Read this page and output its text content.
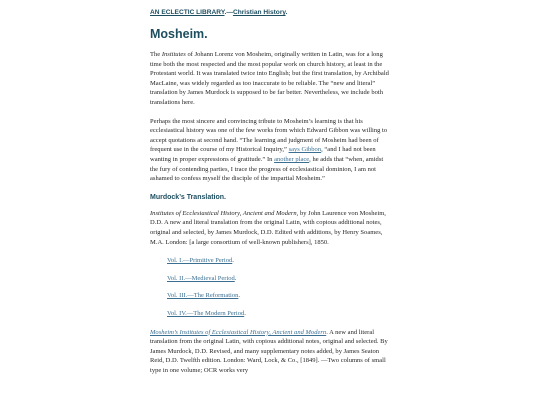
AN ECLECTIC LIBRARY.—Christian History.
Mosheim.

The Institutes of Johann Lorenz von Mosheim, originally written in Latin, was for a long time both the most respected and the most popular work on church history, at least in the Protestant world. It was translated twice into English; but the first translation, by Archibald MacLaine, was widely regarded as too inaccurate to be reliable. The “new and literal” translation by James Murdock is supposed to be far better. Nevertheless, we include both translations here.

Perhaps the most sincere and convincing tribute to Mosheim’s learning is that his ecclesiastical history was one of the few works from which Edward Gibbon was willing to accept quotations at second hand. “The learning and judgment of Mosheim had been of frequent use in the course of my Historical Inquiry,” says Gibbon, “and I had not been wanting in proper expressions of gratitude.” In another place, he adds that “when, amidst the fury of contending parties, I trace the progress of ecclesiastical dominion, I am not ashamed to confess myself the disciple of the impartial Mosheim.”

Murdock’s Translation.

Institutes of Ecclesiastical History, Ancient and Modern, by John Laurence von Mosheim, D.D. A new and literal translation from the original Latin, with copious additional notes, original and selected, by James Murdock, D.D. Edited with additions, by Henry Soames, M.A. London: [a large consortium of well-known publishers], 1850.

Vol. I.—Primitive Period.
Vol. II.—Medieval Period.
Vol. III.—The Reformation.
Vol. IV.—The Modern Period.

Mosheim’s Institutes of Ecclesiastical History, Ancient and Modern. A new and literal translation from the original Latin, with copious additional notes, original and selected. By James Murdock, D.D. Revised, and many supplementary notes added, by James Seaton Reid, D.D. Twelfth edition. London: Ward, Lock, & Co., [1849]. —Two columns of small type in one volume; OCR works very
